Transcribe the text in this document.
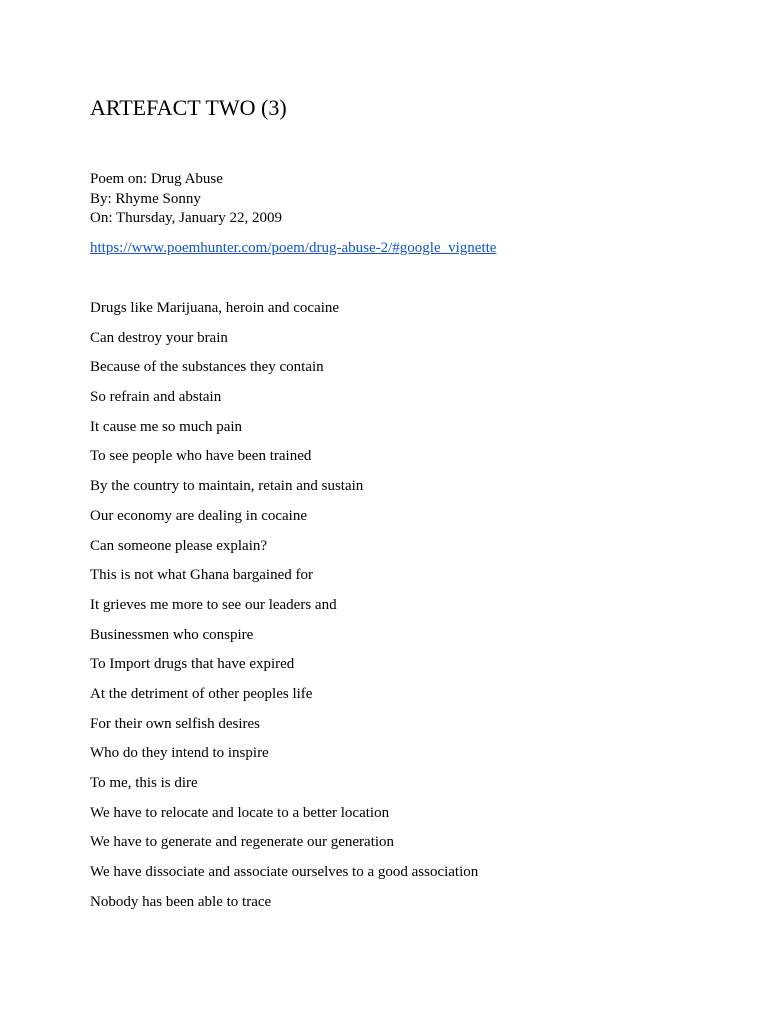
ARTEFACT TWO (3)
Poem on: Drug Abuse
By: Rhyme Sonny
On: Thursday, January 22, 2009
https://www.poemhunter.com/poem/drug-abuse-2/#google_vignette
Drugs like Marijuana, heroin and cocaine
Can destroy your brain
Because of the substances they contain
So refrain and abstain
It cause me so much pain
To see people who have been trained
By the country to maintain, retain and sustain
Our economy are dealing in cocaine
Can someone please explain?
This is not what Ghana bargained for
It grieves me more to see our leaders and
Businessmen who conspire
To Import drugs that have expired
At the detriment of other peoples life
For their own selfish desires
Who do they intend to inspire
To me, this is dire
We have to relocate and locate to a better location
We have to generate and regenerate our generation
We have dissociate and associate ourselves to a good association
Nobody has been able to trace
